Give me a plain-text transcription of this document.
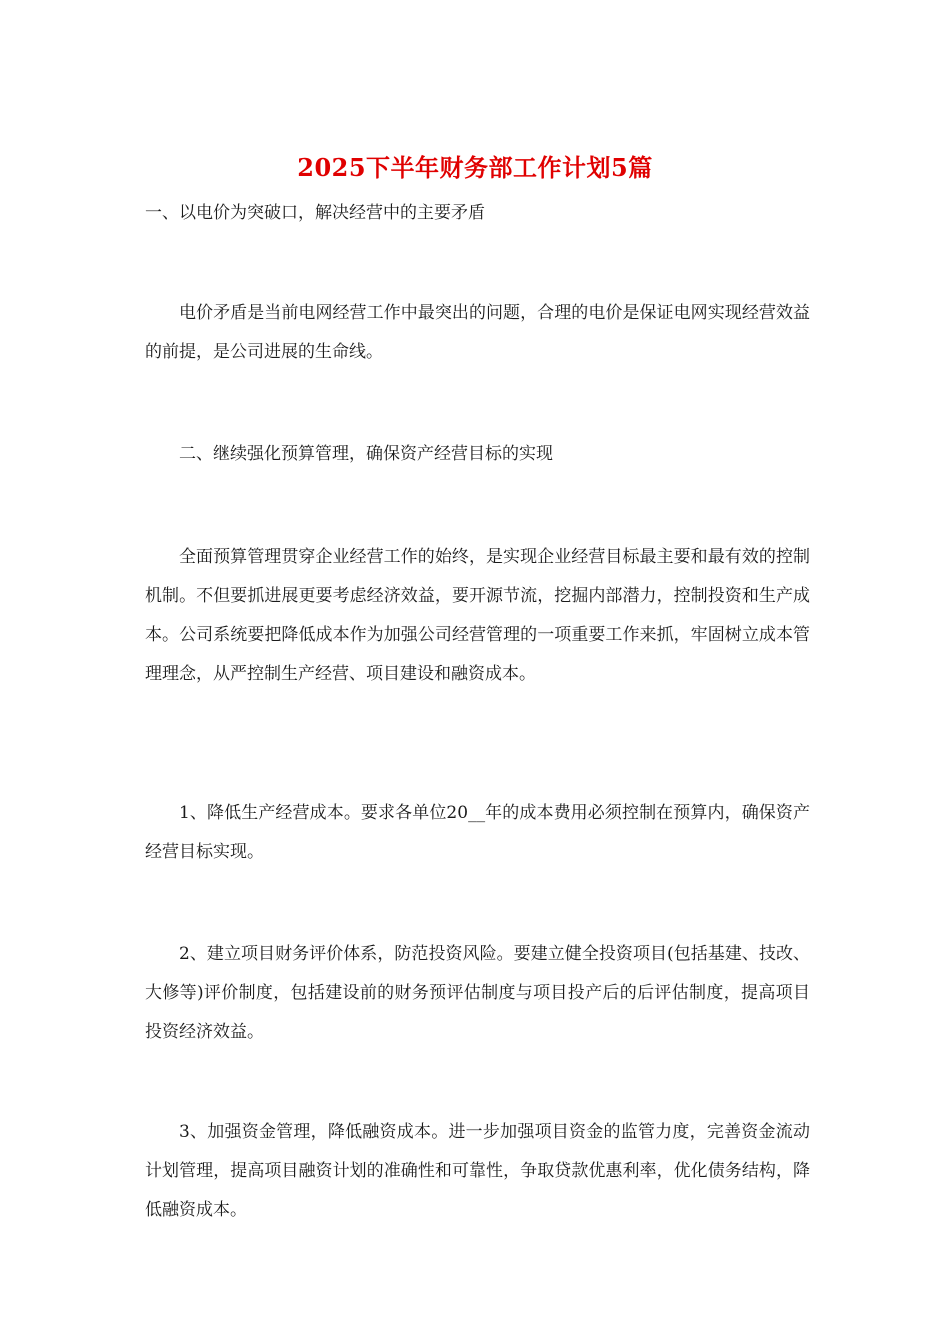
2025下半年财务部工作计划5篇

一、以电价为突破口，解决经营中的主要矛盾

电价矛盾是当前电网经营工作中最突出的问题，合理的电价是保证电网实现经营效益的前提，是公司进展的生命线。

二、继续强化预算管理，确保资产经营目标的实现

全面预算管理贯穿企业经营工作的始终，是实现企业经营目标最主要和最有效的控制机制。不但要抓进展更要考虑经济效益，要开源节流，挖掘内部潜力，控制投资和生产成本。公司系统要把降低成本作为加强公司经营管理的一项重要工作来抓，牢固树立成本管理理念，从严控制生产经营、项目建设和融资成本。

1、降低生产经营成本。要求各单位20__年的成本费用必须控制在预算内，确保资产经营目标实现。

2、建立项目财务评价体系，防范投资风险。要建立健全投资项目(包括基建、技改、大修等)评价制度，包括建设前的财务预评估制度与项目投产后的后评估制度，提高项目投资经济效益。

3、加强资金管理，降低融资成本。进一步加强项目资金的监管力度，完善资金流动计划管理，提高项目融资计划的准确性和可靠性，争取贷款优惠利率，优化债务结构，降低融资成本。
